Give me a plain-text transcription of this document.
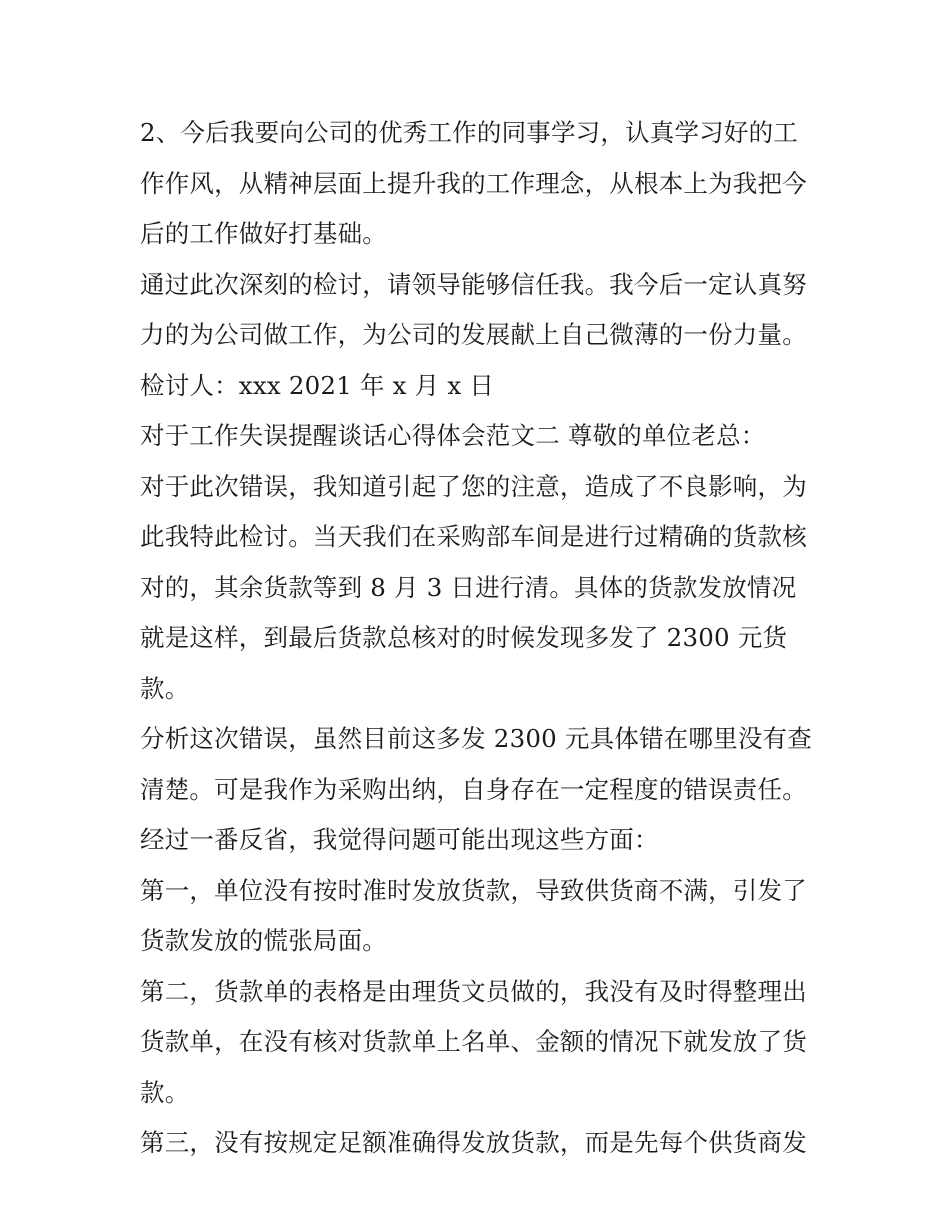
2、今后我要向公司的优秀工作的同事学习，认真学习好的工作作风，从精神层面上提升我的工作理念，从根本上为我把今后的工作做好打基础。

通过此次深刻的检讨，请领导能够信任我。我今后一定认真努力的为公司做工作，为公司的发展献上自己微薄的一份力量。

检讨人：xxx 2021 年 x 月 x 日

对于工作失误提醒谈话心得体会范文二 尊敬的单位老总：

对于此次错误，我知道引起了您的注意，造成了不良影响，为此我特此检讨。当天我们在采购部车间是进行过精确的货款核对的，其余货款等到 8 月 3 日进行清。具体的货款发放情况就是这样，到最后货款总核对的时候发现多发了 2300 元货款。

分析这次错误，虽然目前这多发 2300 元具体错在哪里没有查清楚。可是我作为采购出纳，自身存在一定程度的错误责任。

经过一番反省，我觉得问题可能出现这些方面：

第一，单位没有按时准时发放货款，导致供货商不满，引发了货款发放的慌张局面。

第二，货款单的表格是由理货文员做的，我没有及时得整理出货款单，在没有核对货款单上名单、金额的情况下就发放了货款。

第三，没有按规定足额准确得发放货款，而是先每个供货商发
